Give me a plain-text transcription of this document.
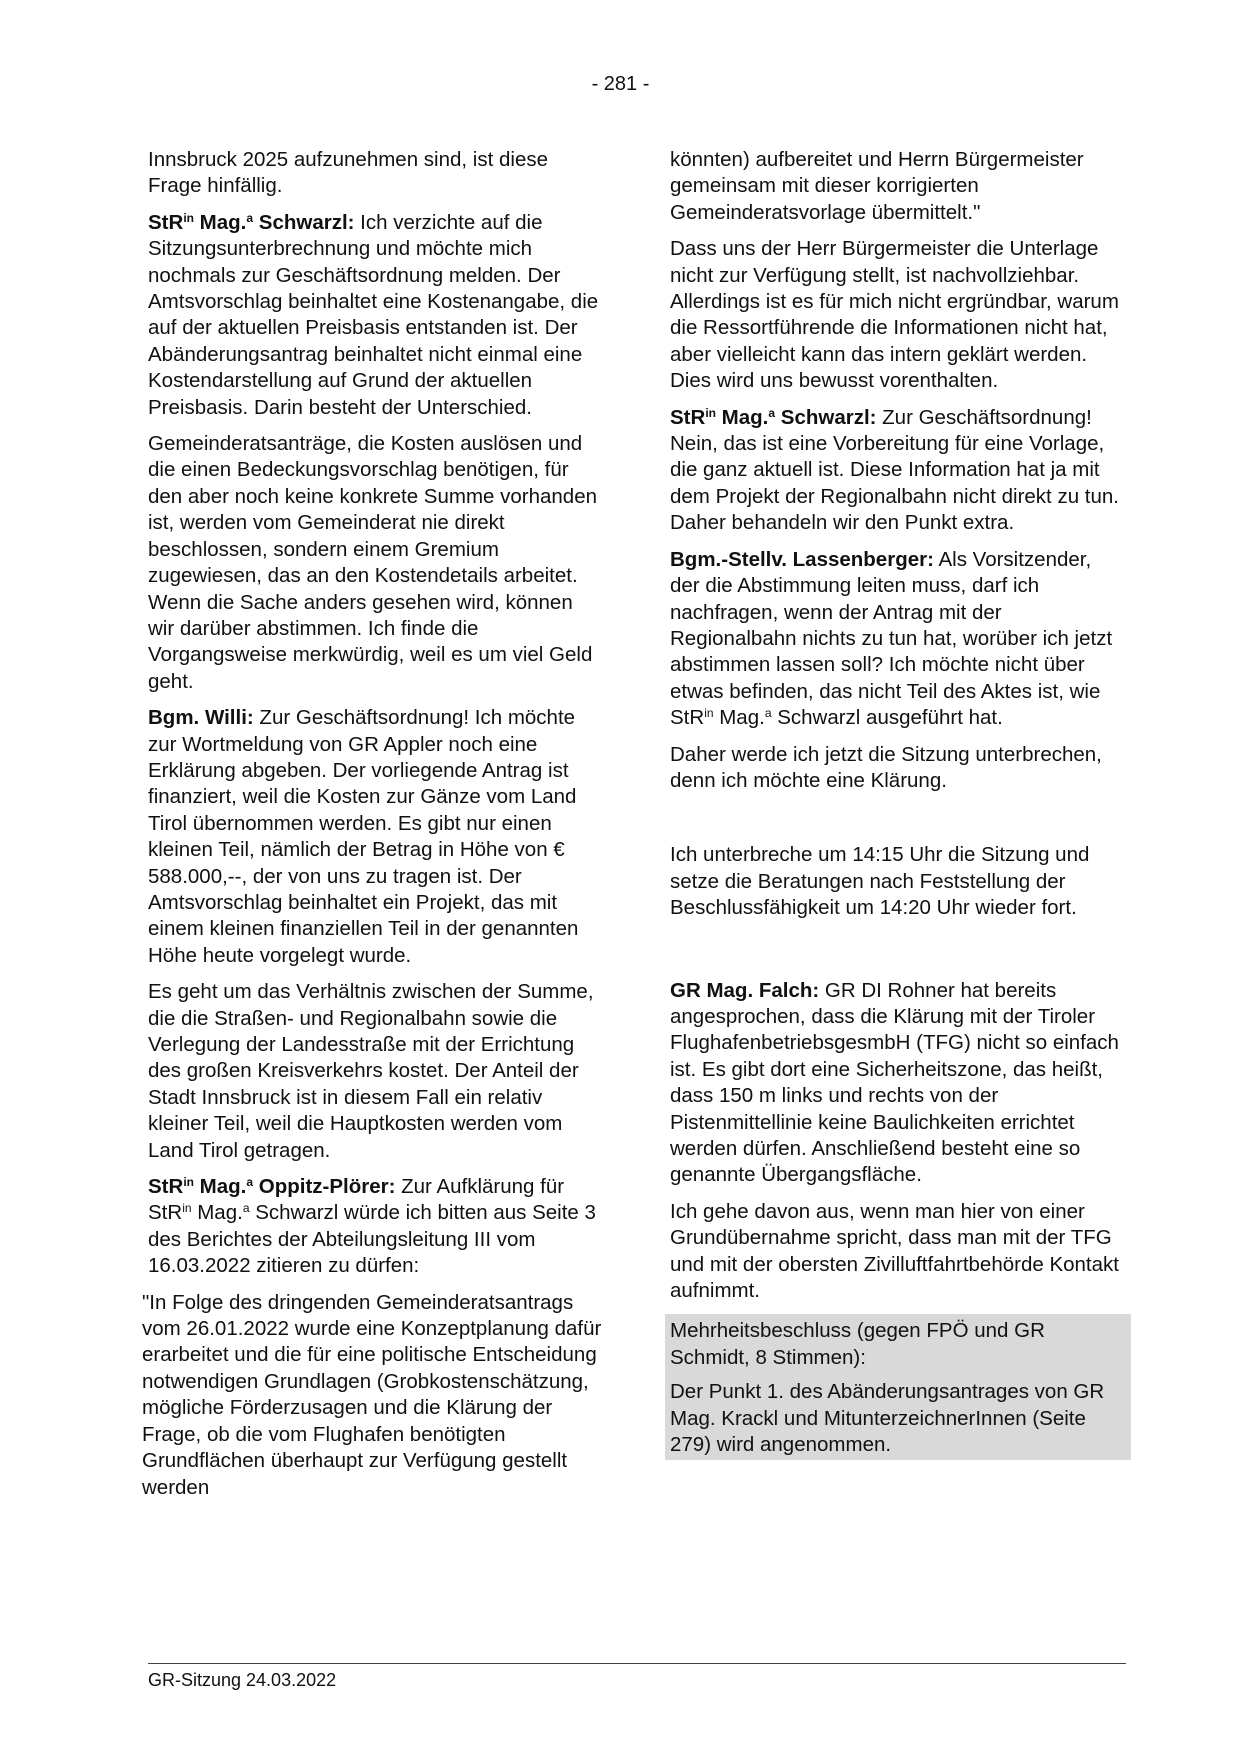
- 281 -

Innsbruck 2025 aufzunehmen sind, ist diese Frage hinfällig.

StR$^{in}$ Mag.$^a$ Schwarzl: Ich verzichte auf die Sitzungsunterbrechnung und möchte mich nochmals zur Geschäftsordnung melden. Der Amtsvorschlag beinhaltet eine Kostenangabe, die auf der aktuellen Preisbasis entstanden ist. Der Abänderungsantrag beinhaltet nicht einmal eine Kostendarstellung auf Grund der aktuellen Preisbasis. Darin besteht der Unterschied.

Gemeinderatsanträge, die Kosten auslösen und die einen Bedeckungsvorschlag benötigen, für den aber noch keine konkrete Summe vorhanden ist, werden vom Gemeinderat nie direkt beschlossen, sondern einem Gremium zugewiesen, das an den Kostendetails arbeitet. Wenn die Sache anders gesehen wird, können wir darüber abstimmen. Ich finde die Vorgangsweise merkwürdig, weil es um viel Geld geht.

Bgm. Willi: Zur Geschäftsordnung! Ich möchte zur Wortmeldung von GR Appler noch eine Erklärung abgeben. Der vorliegende Antrag ist finanziert, weil die Kosten zur Gänze vom Land Tirol übernommen werden. Es gibt nur einen kleinen Teil, nämlich der Betrag in Höhe von € 588.000,--, der von uns zu tragen ist. Der Amtsvorschlag beinhaltet ein Projekt, das mit einem kleinen finanziellen Teil in der genannten Höhe heute vorgelegt wurde.

Es geht um das Verhältnis zwischen der Summe, die die Straßen- und Regionalbahn sowie die Verlegung der Landesstraße mit der Errichtung des großen Kreisverkehrs kostet. Der Anteil der Stadt Innsbruck ist in diesem Fall ein relativ kleiner Teil, weil die Hauptkosten werden vom Land Tirol getragen.

StR$^{in}$ Mag.$^a$ Oppitz-Plörer: Zur Aufklärung für StR$^{in}$ Mag.$^a$ Schwarzl würde ich bitten aus Seite 3 des Berichtes der Abteilungsleitung III vom 16.03.2022 zitieren zu dürfen:

"In Folge des dringenden Gemeinderatsantrags vom 26.01.2022 wurde eine Konzeptplanung dafür erarbeitet und die für eine politische Entscheidung notwendigen Grundlagen (Grobkostenschätzung, mögliche Förderzusagen und die Klärung der Frage, ob die vom Flughafen benötigten Grundflächen überhaupt zur Verfügung gestellt werden

könnten) aufbereitet und Herrn Bürgermeister gemeinsam mit dieser korrigierten Gemeinderatsvorlage übermittelt."

Dass uns der Herr Bürgermeister die Unterlage nicht zur Verfügung stellt, ist nachvollziehbar. Allerdings ist es für mich nicht ergründbar, warum die Ressortführende die Informationen nicht hat, aber vielleicht kann das intern geklärt werden. Dies wird uns bewusst vorenthalten.

StR$^{in}$ Mag.$^a$ Schwarzl: Zur Geschäftsordnung! Nein, das ist eine Vorbereitung für eine Vorlage, die ganz aktuell ist. Diese Information hat ja mit dem Projekt der Regionalbahn nicht direkt zu tun. Daher behandeln wir den Punkt extra.

Bgm.-Stellv. Lassenberger: Als Vorsitzender, der die Abstimmung leiten muss, darf ich nachfragen, wenn der Antrag mit der Regionalbahn nichts zu tun hat, worüber ich jetzt abstimmen lassen soll? Ich möchte nicht über etwas befinden, das nicht Teil des Aktes ist, wie StR$^{in}$ Mag.$^a$ Schwarzl ausgeführt hat.

Daher werde ich jetzt die Sitzung unterbrechen, denn ich möchte eine Klärung.

Ich unterbreche um 14:15 Uhr die Sitzung und setze die Beratungen nach Feststellung der Beschlussfähigkeit um 14:20 Uhr wieder fort.

GR Mag. Falch: GR DI Rohner hat bereits angesprochen, dass die Klärung mit der Tiroler FlughafenbetriebsgesmbH (TFG) nicht so einfach ist. Es gibt dort eine Sicherheitszone, das heißt, dass 150 m links und rechts von der Pistenmittellinie keine Baulichkeiten errichtet werden dürfen. Anschließend besteht eine so genannte Übergangsfläche.

Ich gehe davon aus, wenn man hier von einer Grundübernahme spricht, dass man mit der TFG und mit der obersten Zivilluftfahrtbehörde Kontakt aufnimmt.

Mehrheitsbeschluss (gegen FPÖ und GR Schmidt, 8 Stimmen):

Der Punkt 1. des Abänderungsantrages von GR Mag. Krackl und MitunterzeichnerInnen (Seite 279) wird angenommen.

GR-Sitzung 24.03.2022
